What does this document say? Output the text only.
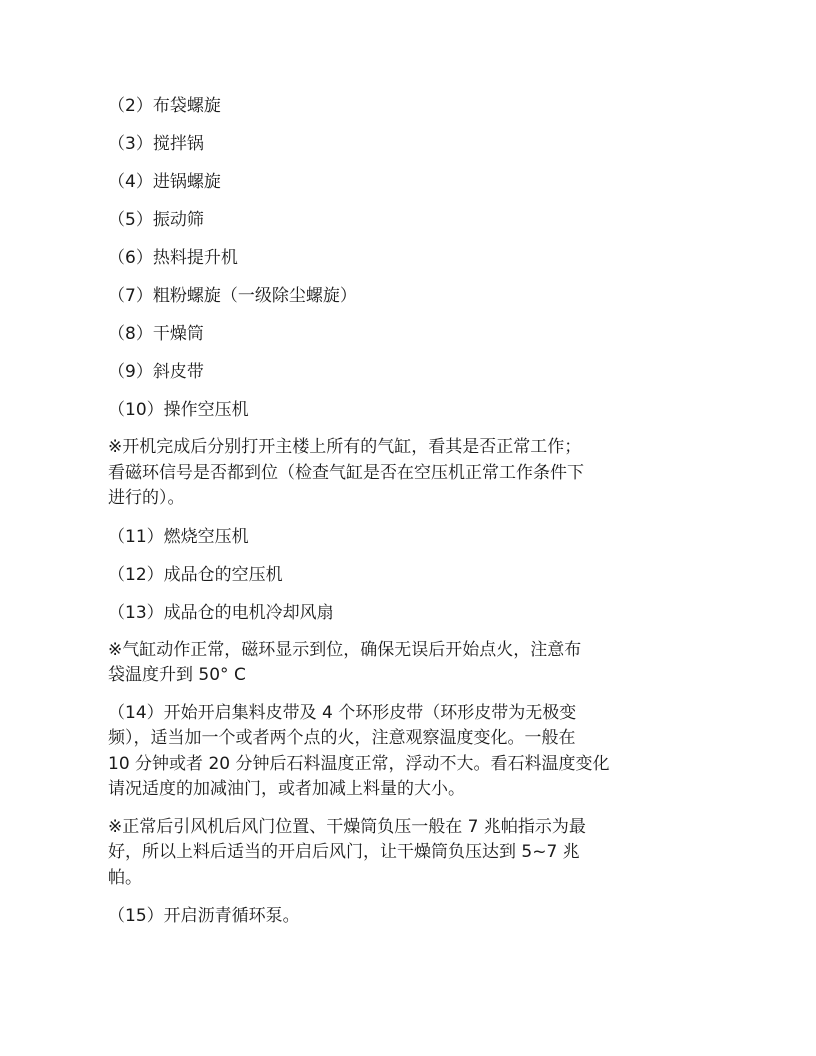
（2）布袋螺旋
（3）搅拌锅
（4）进锅螺旋
（5）振动筛
（6）热料提升机
（7）粗粉螺旋（一级除尘螺旋）
（8）干燥筒
（9）斜皮带
（10）操作空压机
※开机完成后分别打开主楼上所有的气缸，看其是否正常工作；
看磁环信号是否都到位（检查气缸是否在空压机正常工作条件下
进行的）。
（11）燃烧空压机
（12）成品仓的空压机
（13）成品仓的电机冷却风扇
※气缸动作正常，磁环显示到位，确保无误后开始点火，注意布
袋温度升到 50° C
（14）开始开启集料皮带及 4 个环形皮带（环形皮带为无极变
频），适当加一个或者两个点的火，注意观察温度变化。一般在
10 分钟或者 20 分钟后石料温度正常，浮动不大。看石料温度变化
请况适度的加减油门，或者加减上料量的大小。
※正常后引风机后风门位置、干燥筒负压一般在 7 兆帕指示为最
好，所以上料后适当的开启后风门，让干燥筒负压达到 5~7 兆
帕。
（15）开启沥青循环泵。
